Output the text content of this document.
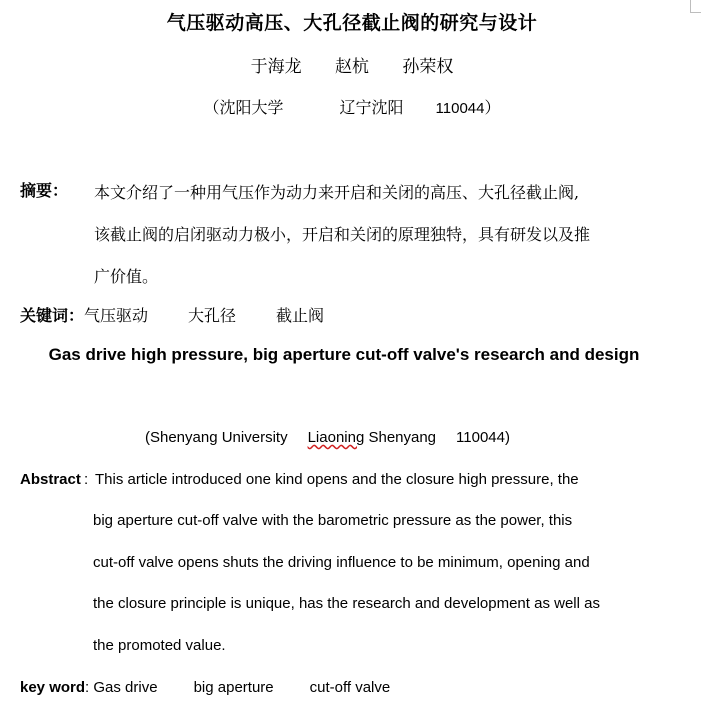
气压驱动高压、大孔径截止阀的研究与设计
于海龙 赵杭 孙荣权
（沈阳大学	辽宁沈阳 110044）
摘要： 本文介绍了一种用气压作为动力来开启和关闭的高压、大孔径截止阀,
该截止阀的启闭驱动力极小，开启和关闭的原理独特，具有研发以及推
广价值。
关键词：气压驱动	大孔径	截止阀
Gas drive high pressure, big aperture cut-off valve's research and design
(Shenyang University Liaoning Shenyang 110044)
Abstract : This article introduced one kind opens and the closure high pressure, the
big aperture cut-off valve with the barometric pressure as the power, this
cut-off valve opens shuts the driving influence to be minimum, opening and
the closure principle is unique, has the research and development as well as
the promoted value.
key word: Gas drive big aperture cut-off valve
